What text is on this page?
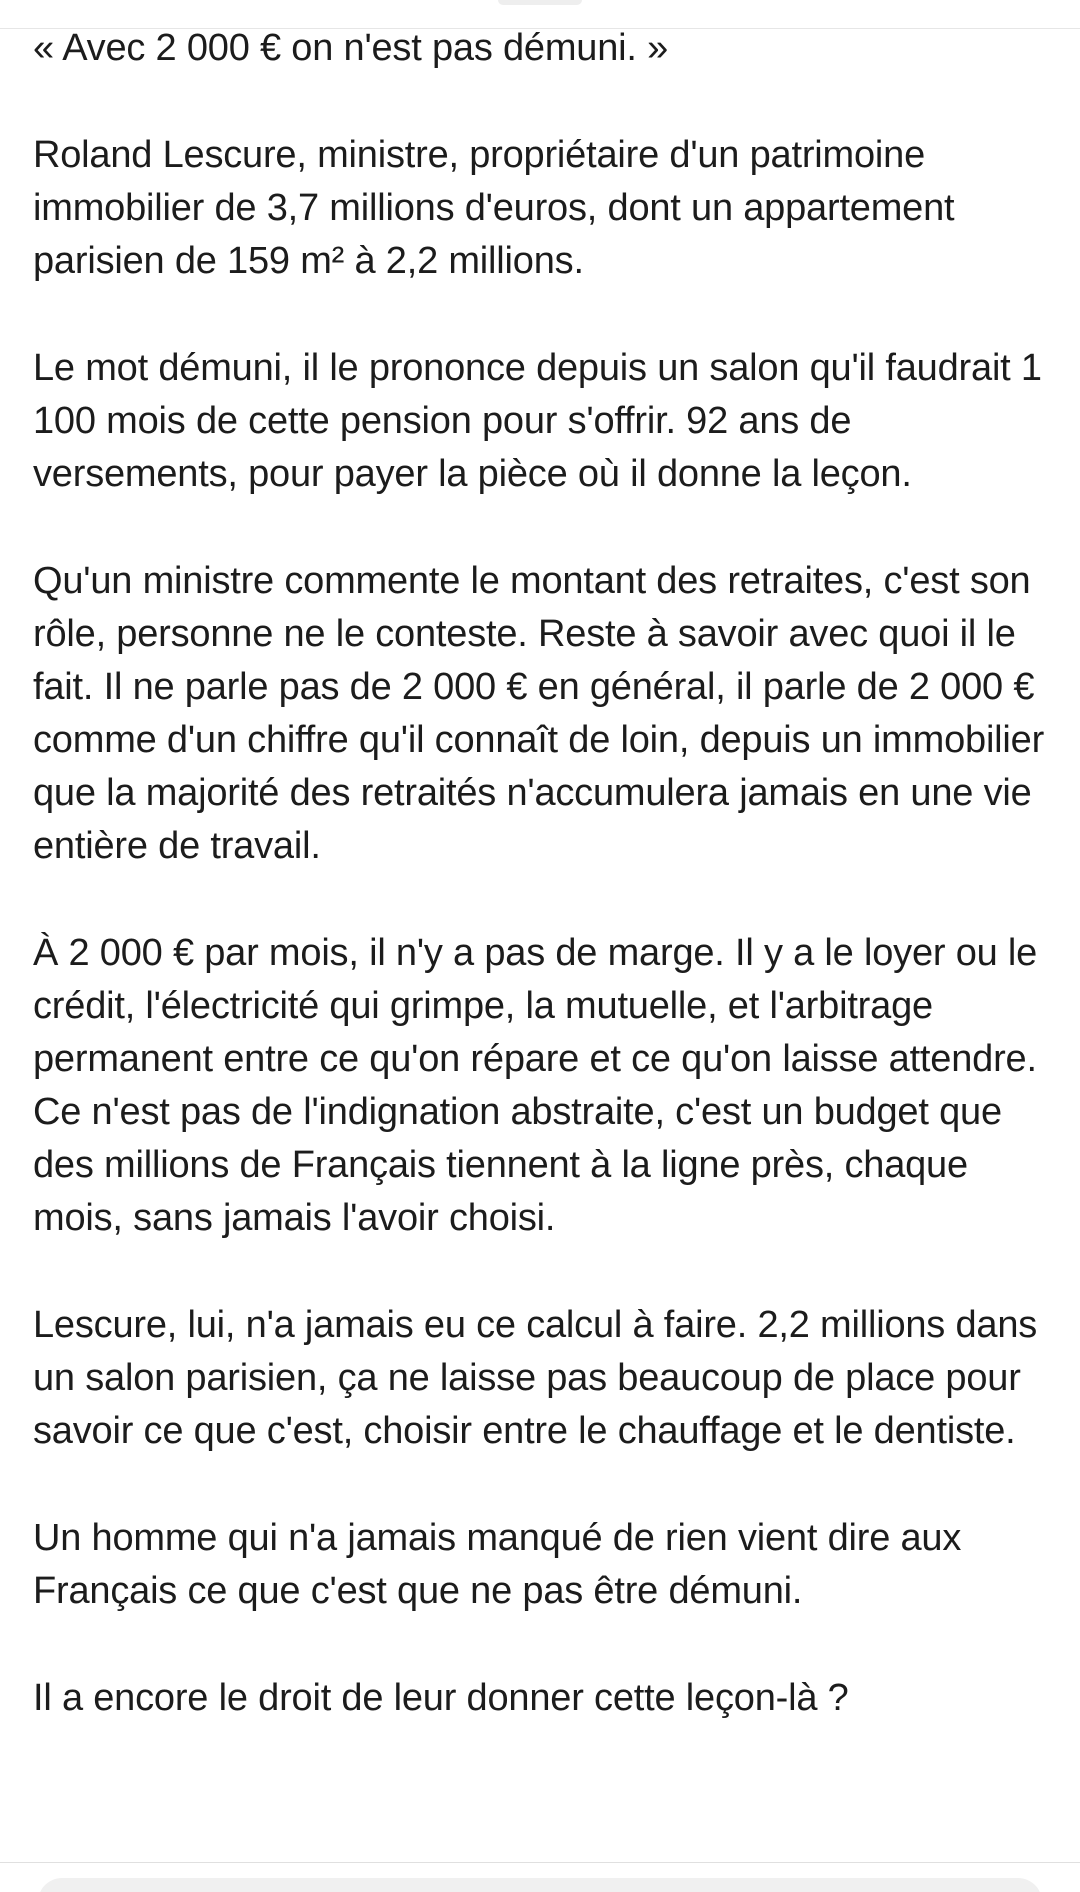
« Avec 2 000 € on n'est pas démuni. »

Roland Lescure, ministre, propriétaire d'un patrimoine immobilier de 3,7 millions d'euros, dont un appartement parisien de 159 m² à 2,2 millions.

Le mot démuni, il le prononce depuis un salon qu'il faudrait 1 100 mois de cette pension pour s'offrir. 92 ans de versements, pour payer la pièce où il donne la leçon.

Qu'un ministre commente le montant des retraites, c'est son rôle, personne ne le conteste. Reste à savoir avec quoi il le fait. Il ne parle pas de 2 000 € en général, il parle de 2 000 € comme d'un chiffre qu'il connaît de loin, depuis un immobilier que la majorité des retraités n'accumulera jamais en une vie entière de travail.

À 2 000 € par mois, il n'y a pas de marge. Il y a le loyer ou le crédit, l'électricité qui grimpe, la mutuelle, et l'arbitrage permanent entre ce qu'on répare et ce qu'on laisse attendre. Ce n'est pas de l'indignation abstraite, c'est un budget que des millions de Français tiennent à la ligne près, chaque mois, sans jamais l'avoir choisi.

Lescure, lui, n'a jamais eu ce calcul à faire. 2,2 millions dans un salon parisien, ça ne laisse pas beaucoup de place pour savoir ce que c'est, choisir entre le chauffage et le dentiste.

Un homme qui n'a jamais manqué de rien vient dire aux Français ce que c'est que ne pas être démuni.

Il a encore le droit de leur donner cette leçon-là ?
